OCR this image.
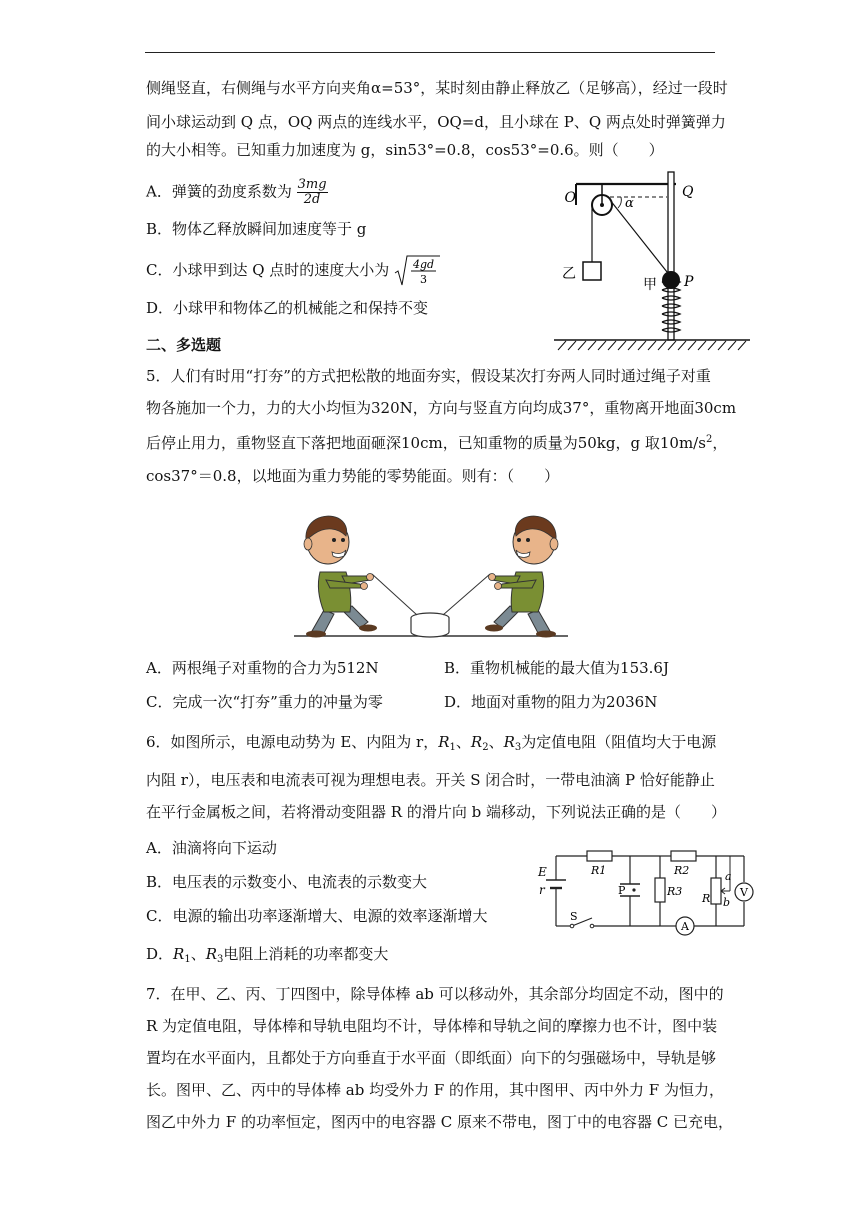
侧绳竖直，右侧绳与水平方向夹角α=53°，某时刻由静止释放乙（足够高），经过一段时
间小球运动到 Q 点，OQ 两点的连线水平，OQ=d，且小球在 P、Q 两点处时弹簧弹力
的大小相等。已知重力加速度为 g，sin53°=0.8，cos53°=0.6。则（　　）
A．弹簧的劲度系数为 $\frac{3mg}{2d}$
B．物体乙释放瞬间加速度等于 g
C．小球甲到达 Q 点时的速度大小为 4gd
3
D．小球甲和物体乙的机械能之和保持不变
O	Q
α
乙
甲 P
二、多选题
5．人们有时用“打夯”的方式把松散的地面夯实，假设某次打夯两人同时通过绳子对重
物各施加一个力，力的大小均恒为320N，方向与竖直方向均成37°，重物离开地面30cm
后停止用力，重物竖直下落把地面砸深10cm，已知重物的质量为50kg，g 取$10m/s^2$，
cos37°＝0.8，以地面为重力势能的零势能面。则有：（　　）
A．两根绳子对重物的合力为512N	B．重物机械能的最大值为153.6J
C．完成一次“打夯”重力的冲量为零	D．地面对重物的阻力为2036N
6．如图所示，电源电动势为 E、内阻为 r，$R_1$、$R_2$、$R_3$为定值电阻（阻值均大于电源
内阻 r），电压表和电流表可视为理想电表。开关 S 闭合时，一带电油滴 P 恰好能静止
在平行金属板之间，若将滑动变阻器 R 的滑片向 b 端移动，下列说法正确的是（　　）
A．油滴将向下运动
B．电压表的示数变小、电流表的示数变大
C．电源的输出功率逐渐增大、电源的效率逐渐增大
D．$R_1$、$R_3$电阻上消耗的功率都变大
E
r
R1	R2
R3
R
a
b
V
A
S
P
7．在甲、乙、丙、丁四图中，除导体棒 ab 可以移动外，其余部分均固定不动，图中的
R 为定值电阻，导体棒和导轨电阻均不计，导体棒和导轨之间的摩擦力也不计，图中装
置均在水平面内，且都处于方向垂直于水平面（即纸面）向下的匀强磁场中，导轨是够
长。图甲、乙、丙中的导体棒 ab 均受外力 F 的作用，其中图甲、丙中外力 F 为恒力，
图乙中外力 F 的功率恒定，图丙中的电容器 C 原来不带电，图丁中的电容器 C 已充电，
